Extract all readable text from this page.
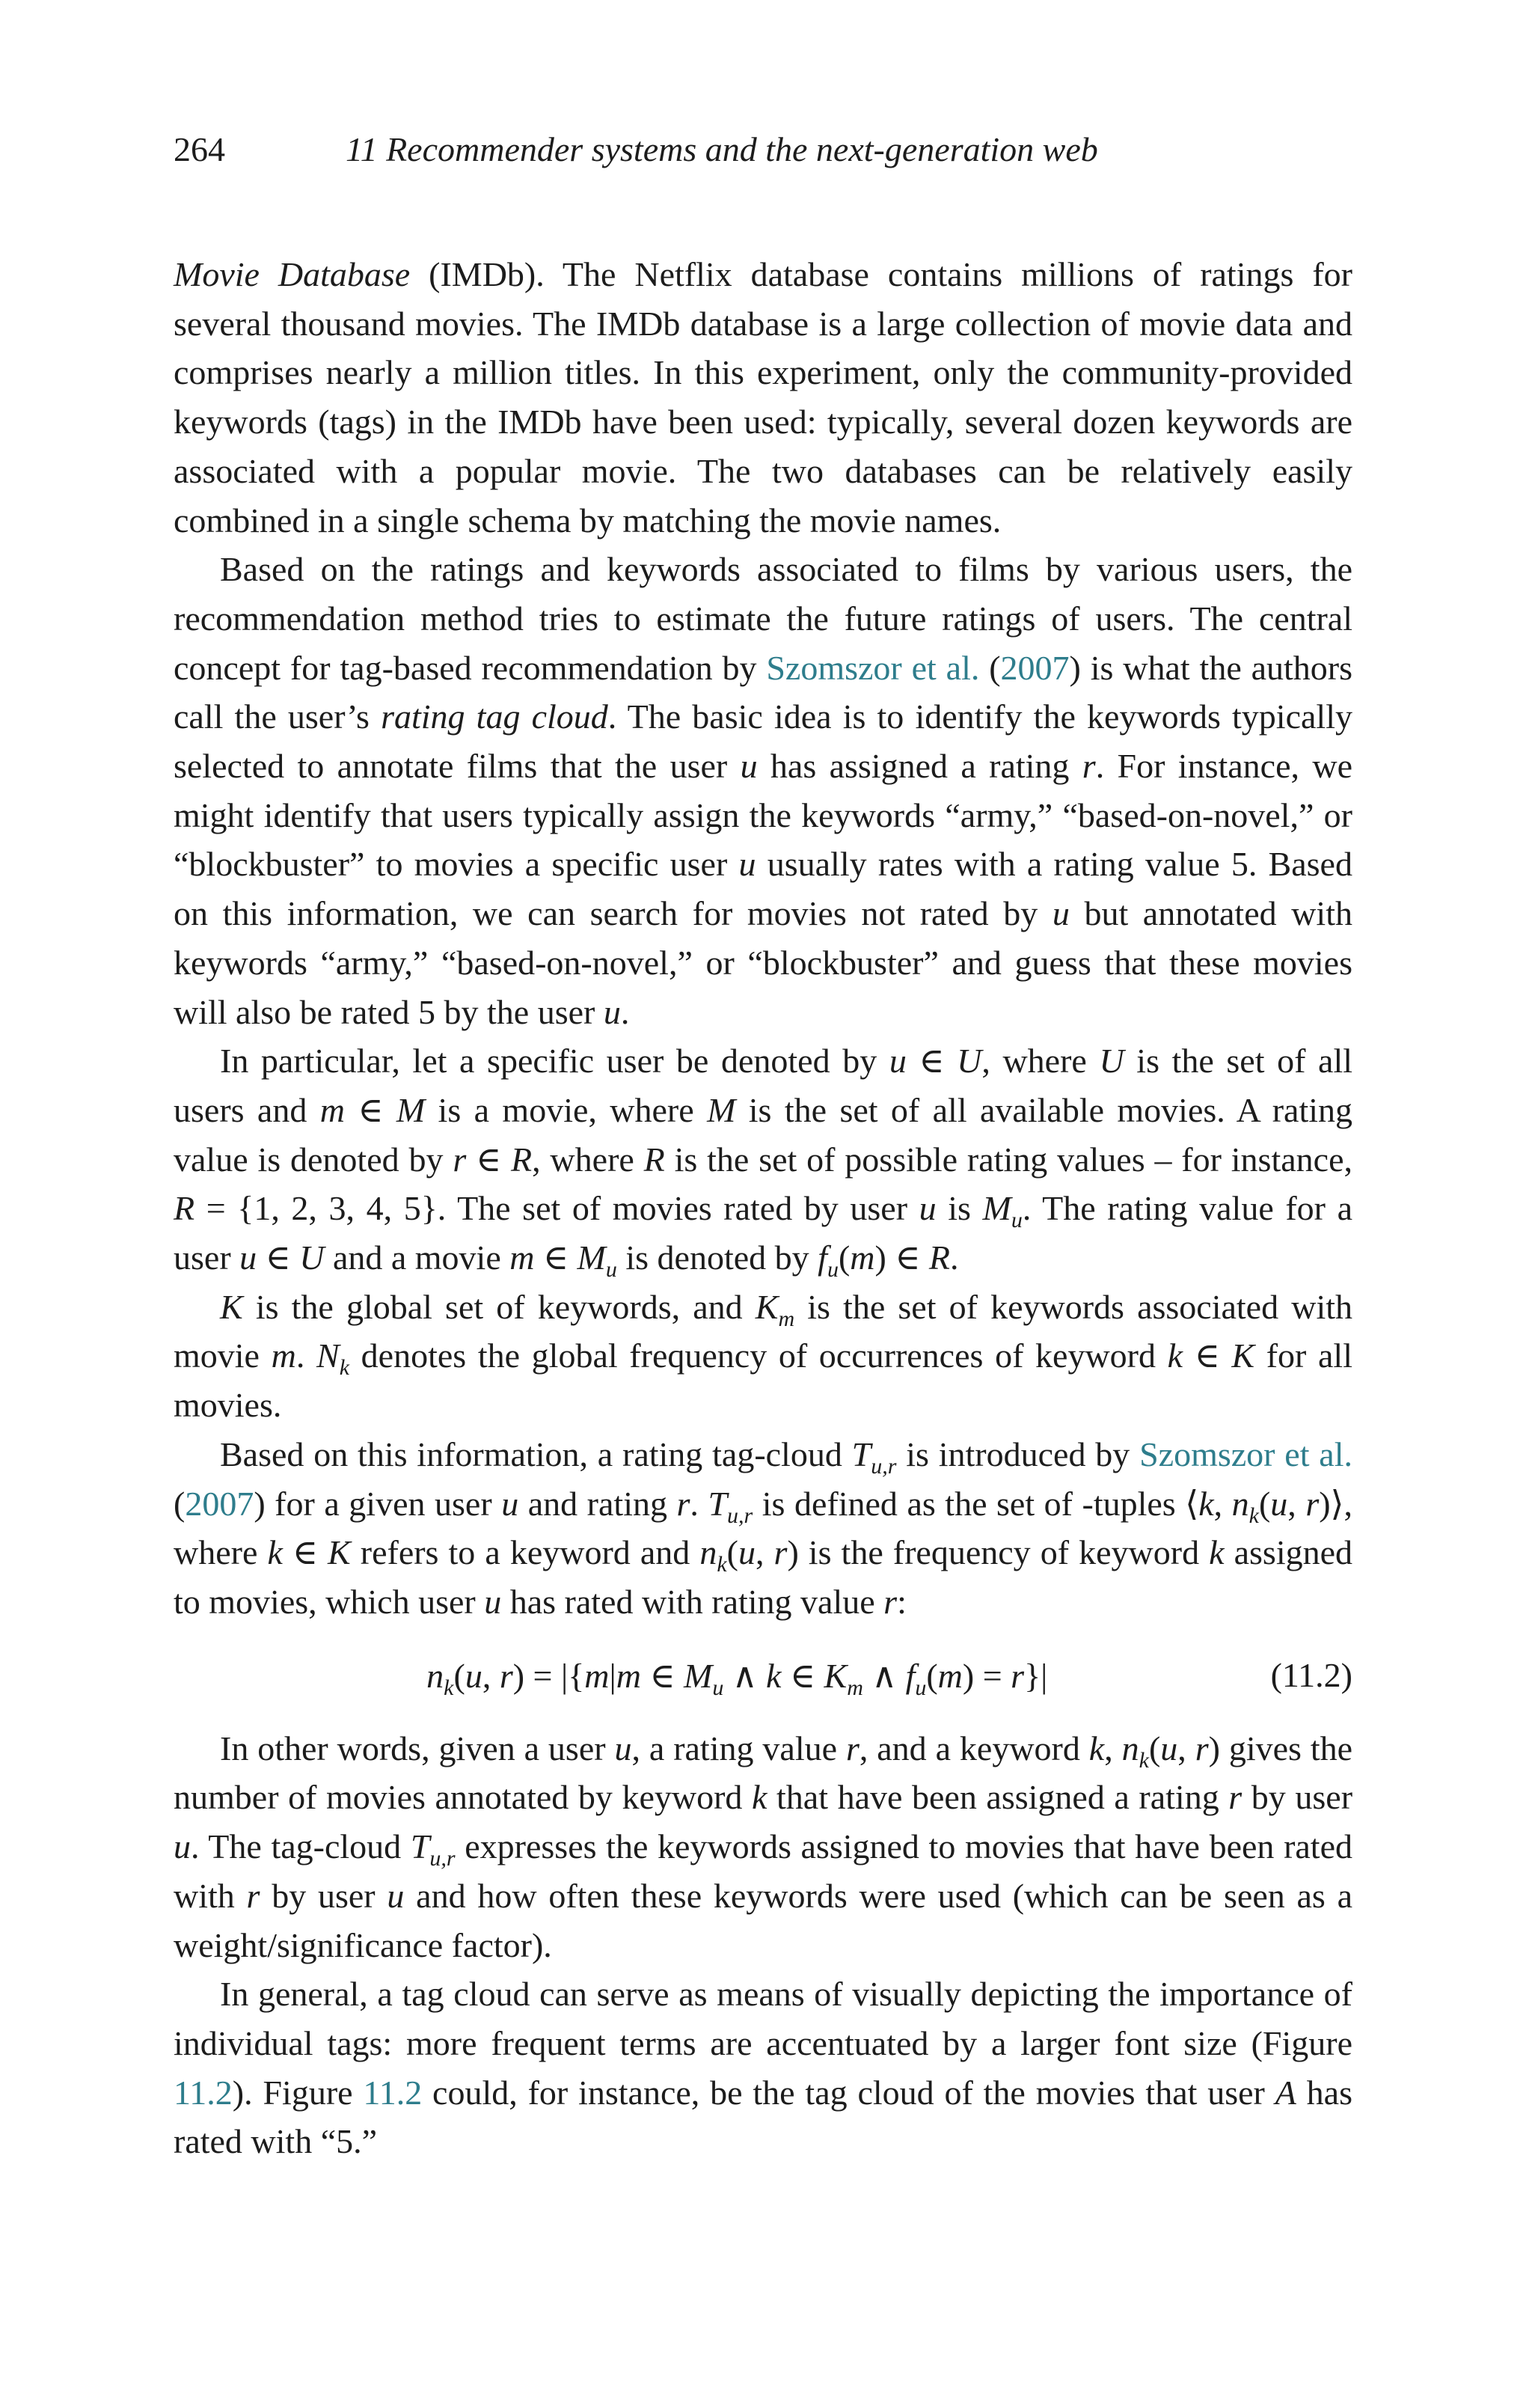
264	11 Recommender systems and the next-generation web

Movie Database (IMDb). The Netflix database contains millions of ratings for several thousand movies. The IMDb database is a large collection of movie data and comprises nearly a million titles. In this experiment, only the community-provided keywords (tags) in the IMDb have been used: typically, several dozen keywords are associated with a popular movie. The two databases can be relatively easily combined in a single schema by matching the movie names.

Based on the ratings and keywords associated to films by various users, the recommendation method tries to estimate the future ratings of users. The central concept for tag-based recommendation by Szomszor et al. (2007) is what the authors call the user’s rating tag cloud. The basic idea is to identify the keywords typically selected to annotate films that the user u has assigned a rating r. For instance, we might identify that users typically assign the keywords “army,” “based-on-novel,” or “blockbuster” to movies a specific user u usually rates with a rating value 5. Based on this information, we can search for movies not rated by u but annotated with keywords “army,” “based-on-novel,” or “blockbuster” and guess that these movies will also be rated 5 by the user u.

In particular, let a specific user be denoted by u ∈ U, where U is the set of all users and m ∈ M is a movie, where M is the set of all available movies. A rating value is denoted by r ∈ R, where R is the set of possible rating values – for instance, R = {1, 2, 3, 4, 5}. The set of movies rated by user u is $M_u$. The rating value for a user u ∈ U and a movie m ∈ $M_u$ is denoted by $f_u(m)$ ∈ R.

K is the global set of keywords, and $K_m$ is the set of keywords associated with movie m. $N_k$ denotes the global frequency of occurrences of keyword k ∈ K for all movies.

Based on this information, a rating tag-cloud $T_{u,r}$ is introduced by Szomszor et al. (2007) for a given user u and rating r. $T_{u,r}$ is defined as the set of -tuples ⟨k, $n_k(u$, r)⟩, where k ∈ K refers to a keyword and $n_k(u$, r) is the frequency of keyword k assigned to movies, which user u has rated with rating value r:

$n_k(u$, r) = |{m|m ∈ $M_u$ ∧ k ∈ $K_m$ ∧ $f_u(m) = r\}|$	(11.2)

In other words, given a user u, a rating value r, and a keyword k, $n_k(u$, r) gives the number of movies annotated by keyword k that have been assigned a rating r by user u. The tag-cloud $T_{u,r}$ expresses the keywords assigned to movies that have been rated with r by user u and how often these keywords were used (which can be seen as a weight/significance factor).

In general, a tag cloud can serve as means of visually depicting the importance of individual tags: more frequent terms are accentuated by a larger font size (Figure 11.2). Figure 11.2 could, for instance, be the tag cloud of the movies that user A has rated with “5.”
